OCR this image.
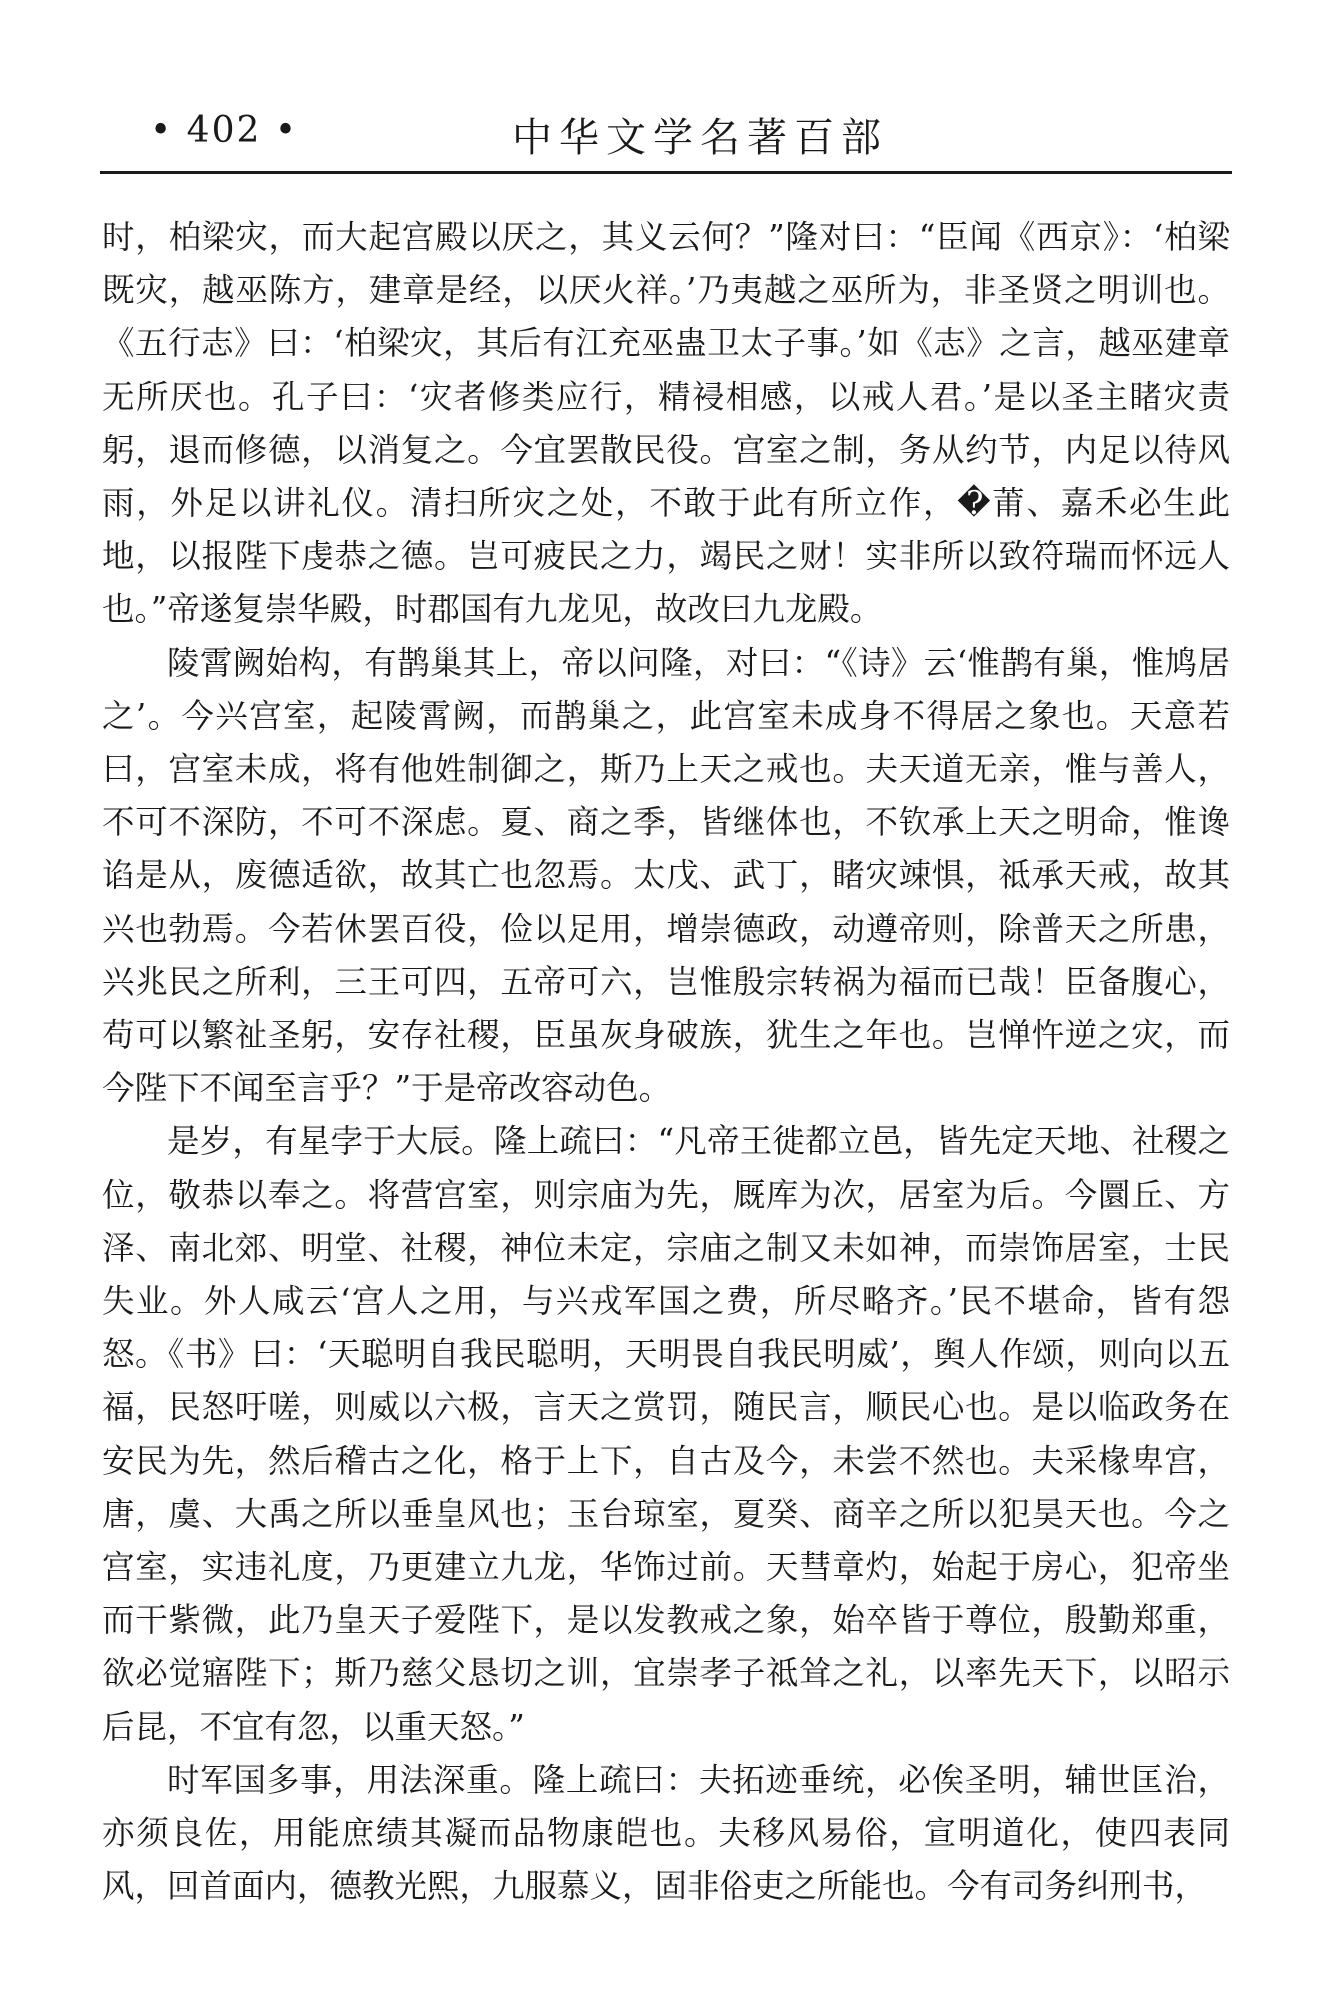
• 402 •	中华文学名著百部

时，柏梁灾，而大起宫殿以厌之，其义云何？”隆对曰：“臣闻《西京》：‘柏梁既灾，越巫陈方，建章是经，以厌火祥。’乃夷越之巫所为，非圣贤之明训也。《五行志》曰：‘柏梁灾，其后有江充巫蛊卫太子事。’如《志》之言，越巫建章无所厌也。孔子曰：‘灾者修类应行，精祲相感，以戒人君。’是以圣主睹灾责躬，退而修德，以消复之。今宜罢散民役。宫室之制，务从约节，内足以待风雨，外足以讲礼仪。清扫所灾之处，不敢于此有所立作，�莆、嘉禾必生此地，以报陛下虔恭之德。岂可疲民之力，竭民之财！实非所以致符瑞而怀远人也。”帝遂复崇华殿，时郡国有九龙见，故改曰九龙殿。

陵霄阙始构，有鹊巢其上，帝以问隆，对曰：“《诗》云‘惟鹊有巢，惟鸠居之’。今兴宫室，起陵霄阙，而鹊巢之，此宫室未成身不得居之象也。天意若曰，宫室未成，将有他姓制御之，斯乃上天之戒也。夫天道无亲，惟与善人，不可不深防，不可不深虑。夏、商之季，皆继体也，不钦承上天之明命，惟谗谄是从，废德适欲，故其亡也忽焉。太戊、武丁，睹灾竦惧，祗承天戒，故其兴也勃焉。今若休罢百役，俭以足用，增崇德政，动遵帝则，除普天之所患，兴兆民之所利，三王可四，五帝可六，岂惟殷宗转祸为福而已哉！臣备腹心，苟可以繁祉圣躬，安存社稷，臣虽灰身破族，犹生之年也。岂惮忤逆之灾，而今陛下不闻至言乎？”于是帝改容动色。

是岁，有星孛于大辰。隆上疏曰：“凡帝王徙都立邑，皆先定天地、社稷之位，敬恭以奉之。将营宫室，则宗庙为先，厩库为次，居室为后。今圜丘、方泽、南北郊、明堂、社稷，神位未定，宗庙之制又未如神，而崇饰居室，士民失业。外人咸云‘宫人之用，与兴戎军国之费，所尽略齐。’民不堪命，皆有怨怒。《书》曰：‘天聪明自我民聪明，天明畏自我民明威’，舆人作颂，则向以五福，民怒吁嗟，则威以六极，言天之赏罚，随民言，顺民心也。是以临政务在安民为先，然后稽古之化，格于上下，自古及今，未尝不然也。夫采椽卑宫，唐，虞、大禹之所以垂皇风也；玉台琼室，夏癸、商辛之所以犯昊天也。今之宫室，实违礼度，乃更建立九龙，华饰过前。天彗章灼，始起于房心，犯帝坐而干紫微，此乃皇天子爱陛下，是以发教戒之象，始卒皆于尊位，殷勤郑重，欲必觉寤陛下；斯乃慈父恳切之训，宜崇孝子祗耸之礼，以率先天下，以昭示后昆，不宜有忽，以重天怒。”

时军国多事，用法深重。隆上疏曰：夫拓迹垂统，必俟圣明，辅世匡治，亦须良佐，用能庶绩其凝而品物康皑也。夫移风易俗，宣明道化，使四表同风，回首面内，德教光熙，九服慕义，固非俗吏之所能也。今有司务纠刑书，
